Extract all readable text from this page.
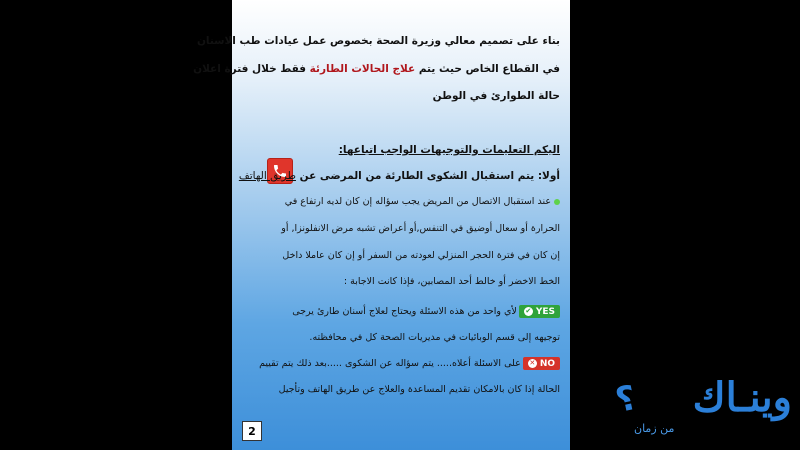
بناء على تصميم معالي وزيرة الصحة بخصوص عمل عيادات طب الاسنان
في القطاع الخاص حيث يتم علاج الحالات الطارئة فقط خلال فترة اعلان
حالة الطوارئ في الوطن
اليكم التعليمات والتوجيهات الواجب اتباعها:
أولا: يتم استقبال الشكوى الطارئة من المرضى عن طريق الهاتف
عند استقبال الاتصال من المريض يجب سؤاله إن كان لديه ارتفاع في
الحرارة أو سعال أوضيق في التنفس,أو أعراض تشبه مرض الانفلونزا, أو
إن كان في فترة الحجر المنزلي لعودته من السفر أو إن كان عاملا داخل
الخط الاخضر أو خالط أحد المصابين، فإذا كانت الاجابة :
✔ YES
لأي واحد من هذه الاسئلة ويحتاج لعلاج أسنان طارئ يرجى
توجيهه إلى قسم الوبائيات في مديريات الصحة كل في محافظته.
✕ NO
على الاسئلة أعلاه..... يتم سؤاله عن الشكوى .....بعد ذلك يتم تقييم
الحالة إذا كان بالامكان تقديم المساعدة والعلاج عن طريق الهاتف وتأجيل
2
؟ وينـاك
من زمان
